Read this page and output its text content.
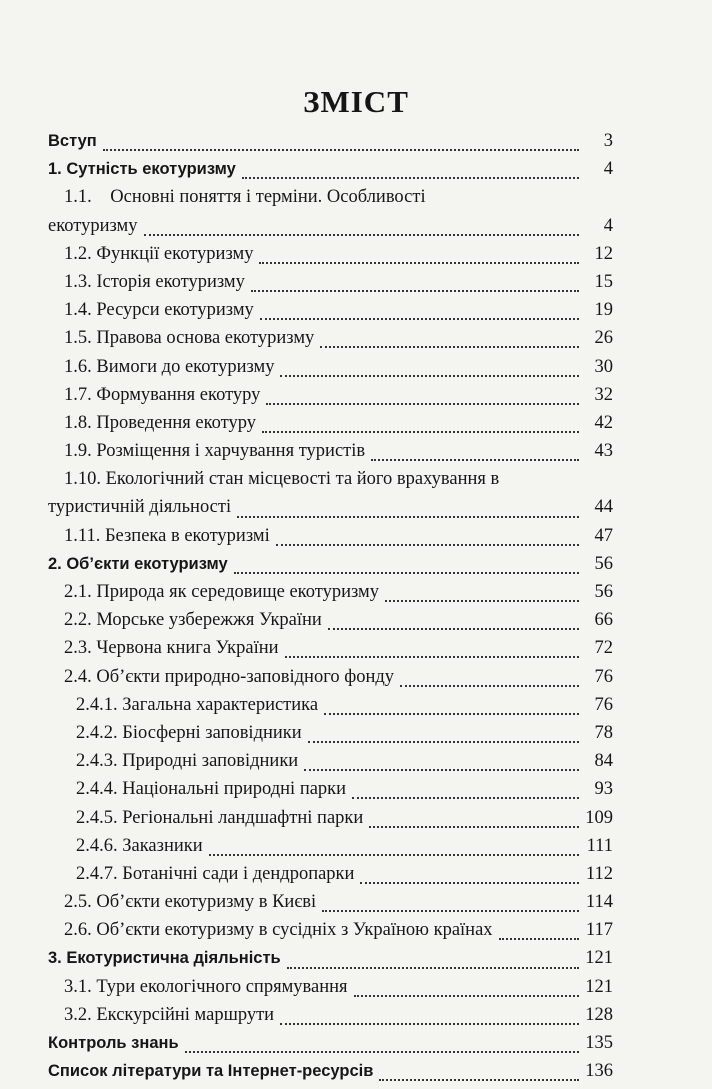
ЗМІСТ
Вступ	3
1. Сутність екотуризму	4
1.1.    Основні поняття і терміни. Особливості
екотуризму	4
1.2. Функції екотуризму	12
1.3. Історія екотуризму	15
1.4. Ресурси екотуризму	19
1.5. Правова основа екотуризму	26
1.6. Вимоги до екотуризму	30
1.7. Формування екотуру	32
1.8. Проведення екотуру	42
1.9. Розміщення і харчування туристів	43
1.10. Екологічний стан місцевості та його врахування в
туристичній діяльності	44
1.11. Безпека в екотуризмі	47
2. Об’єкти екотуризму	56
2.1. Природа як середовище екотуризму	56
2.2. Морське узбережжя України	66
2.3. Червона книга України	72
2.4. Об’єкти природно-заповідного фонду	76
2.4.1. Загальна характеристика	76
2.4.2. Біосферні заповідники	78
2.4.3. Природні заповідники	84
2.4.4. Національні природні парки	93
2.4.5. Регіональні ландшафтні парки	109
2.4.6. Заказники	111
2.4.7. Ботанічні сади і дендропарки	112
2.5. Об’єкти екотуризму в Києві	114
2.6. Об’єкти екотуризму в сусідніх з Україною країнах	117
3. Екотуристична діяльність	121
3.1. Тури екологічного спрямування	121
3.2. Екскурсійні маршрути	128
Контроль знань	135
Список літератури та Інтернет-ресурсів	136
